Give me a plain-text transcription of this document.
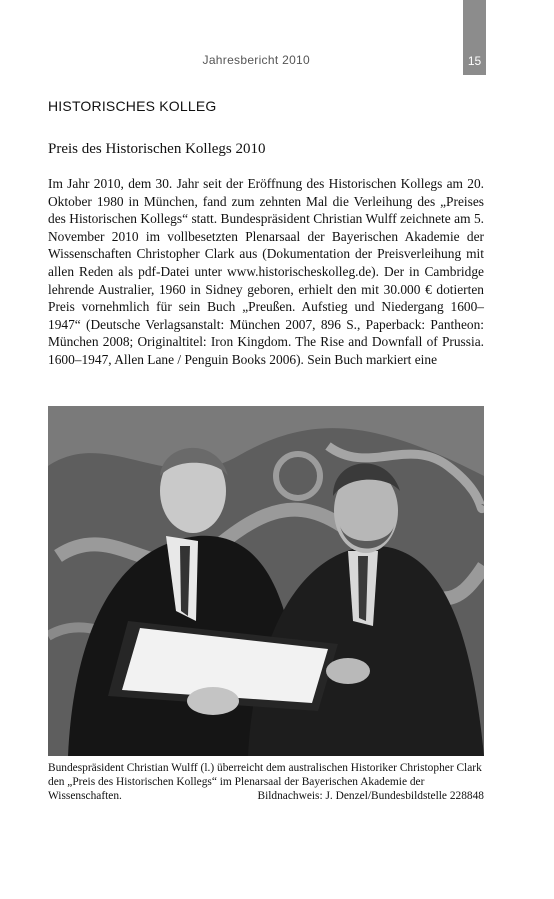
Jahresbericht 2010	15
HISTORISCHES KOLLEG
Preis des Historischen Kollegs 2010

Im Jahr 2010, dem 30. Jahr seit der Eröffnung des Historischen Kollegs am 20. Oktober 1980 in München, fand zum zehnten Mal die Verleihung des „Preises des Historischen Kollegs“ statt. Bundespräsident Christian Wulff zeichnete am 5. November 2010 im vollbesetzten Plenarsaal der Bayerischen Akademie der Wissenschaften Christopher Clark aus (Dokumentation der Preisverleihung mit allen Reden als pdf-Datei unter www.historischeskolleg.de). Der in Cambridge lehrende Australier, 1960 in Sidney geboren, erhielt den mit 30.000 € dotierten Preis vornehmlich für sein Buch „Preußen. Aufstieg und Niedergang 1600–1947“ (Deutsche Verlagsanstalt: München 2007, 896 S., Paperback: Pantheon: München 2008; Originaltitel: Iron Kingdom. The Rise and Downfall of Prussia. 1600–1947, Allen Lane / Penguin Books 2006). Sein Buch markiert eine

Bundespräsident Christian Wulff (l.) überreicht dem australischen Historiker Christopher Clark den „Preis des Historischen Kollegs“ im Plenarsaal der Bayerischen Akademie der

Wissenschaften.	Bildnachweis: J. Denzel/Bundesbildstelle 228848
